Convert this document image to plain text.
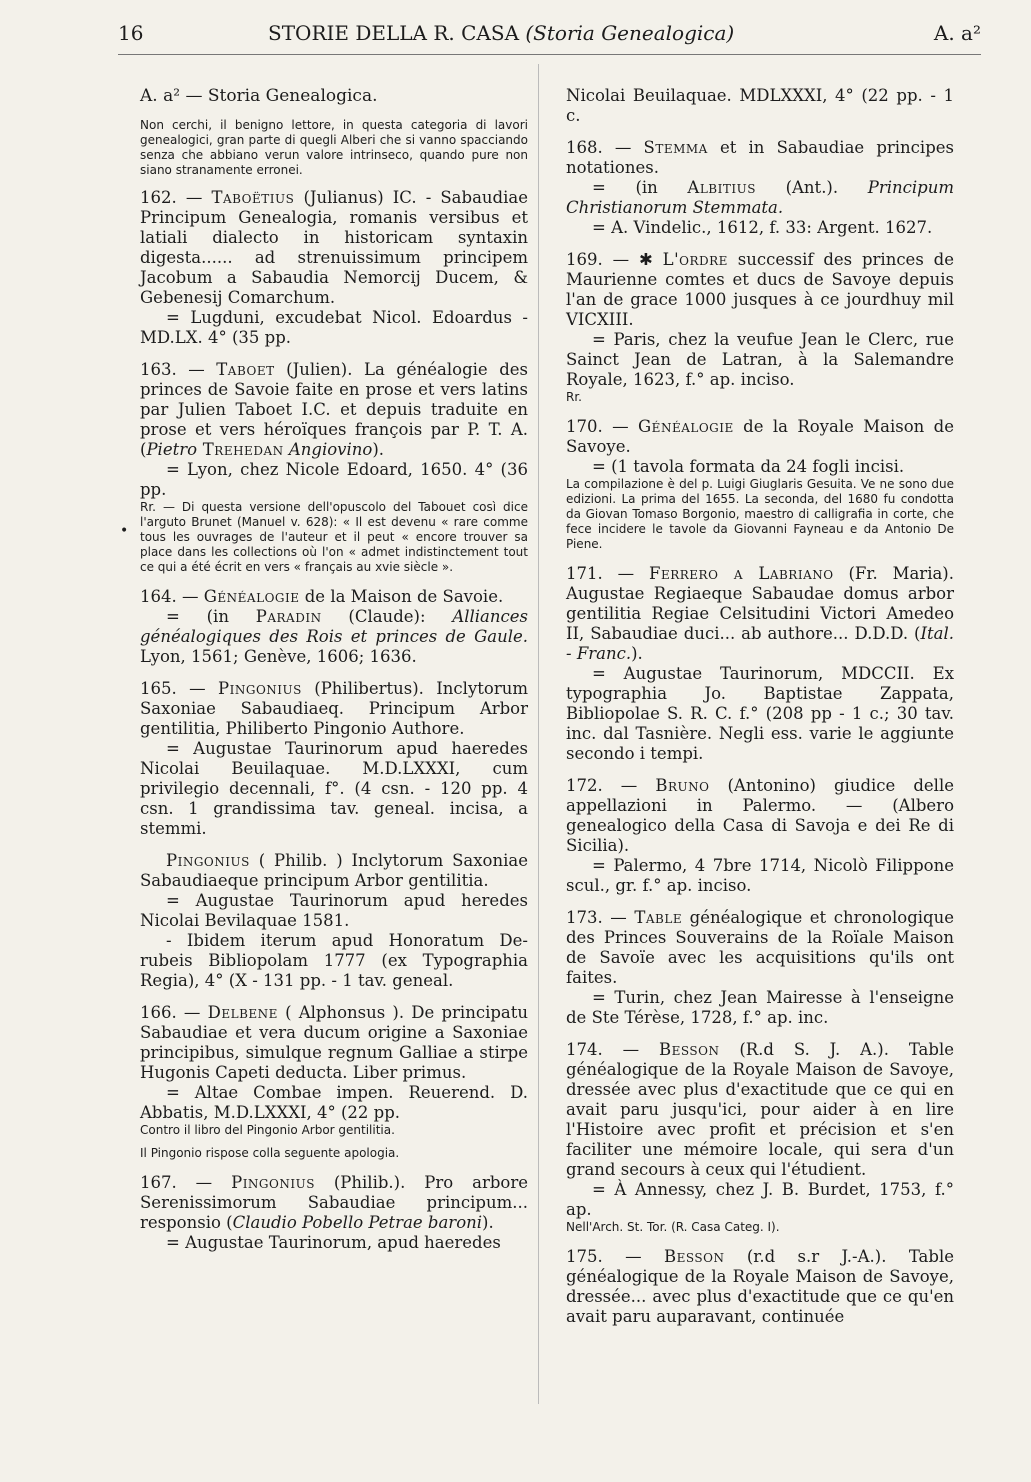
16	STORIE DELLA R. CASA (Storia Genealogica)	A. a²
•

A. a² — Storia Genealogica.

Non cerchi, il benigno lettore, in questa categoria di lavori genealogici, gran parte di quegli Alberi che si vanno spacciando senza che abbiano verun valore intrinseco, quando pure non siano stranamente erronei.

162. — Taboëtius (Julianus) IC. - Sabaudiae Principum Genealogia, romanis versibus et latiali dialecto in historicam syntaxin digesta...... ad strenuissimum principem Jacobum a Sabaudia Nemorcij Ducem, & Gebenesij Comarchum.

= Lugduni, excudebat Nicol. Edoardus - MD.LX. 4° (35 pp.

163. — Taboet (Julien). La généalogie des princes de Savoie faite en prose et vers latins par Julien Taboet I.C. et depuis traduite en prose et vers héroïques françois par P. T. A. (Pietro Trehedan Angiovino).

= Lyon, chez Nicole Edoard, 1650. 4° (36 pp.

Rr. — Di questa versione dell'opuscolo del Tabouet così dice l'arguto Brunet (Manuel v. 628): « Il est devenu « rare comme tous les ouvrages de l'auteur et il peut « encore trouver sa place dans les collections où l'on « admet indistinctement tout ce qui a été écrit en vers « français au xvie siècle ».

164. — Généalogie de la Maison de Savoie.

= (in Paradin (Claude): Alliances généalogiques des Rois et princes de Gaule. Lyon, 1561; Genève, 1606; 1636.

165. — Pingonius (Philibertus). Inclytorum Saxoniae Sabaudiaeq. Principum Arbor gentilitia, Philiberto Pingonio Authore.

= Augustae Taurinorum apud haeredes Nicolai Beuilaquae. M.D.LXXXI, cum privilegio decennali, f°. (4 csn. - 120 pp. 4 csn. 1 grandissima tav. geneal. incisa, a stemmi.

Pingonius ( Philib. ) Inclytorum Saxoniae Sabaudiaeque principum Arbor gentilitia.

= Augustae Taurinorum apud heredes Nicolai Bevilaquae 1581.

- Ibidem iterum apud Honoratum De-rubeis Bibliopolam 1777 (ex Typographia Regia), 4° (X - 131 pp. - 1 tav. geneal.

166. — Delbene ( Alphonsus ). De principatu Sabaudiae et vera ducum origine a Saxoniae principibus, simulque regnum Galliae a stirpe Hugonis Capeti deducta. Liber primus.

= Altae Combae impen. Reuerend. D. Abbatis, M.D.LXXXI, 4° (22 pp.

Contro il libro del Pingonio Arbor gentilitia.

Il Pingonio rispose colla seguente apologia.

167. — Pingonius (Philib.). Pro arbore Serenissimorum Sabaudiae principum... responsio (Claudio Pobello Petrae baroni).

= Augustae Taurinorum, apud haeredes

Nicolai Beuilaquae. MDLXXXI, 4° (22 pp. - 1 c.

168. — Stemma et in Sabaudiae principes notationes.

= (in Albitius (Ant.). Principum Christianorum Stemmata.

= A. Vindelic., 1612, f. 33: Argent. 1627.

169. — ✱ L'ordre successif des princes de Maurienne comtes et ducs de Savoye depuis l'an de grace 1000 jusques à ce jourdhuy mil VICXIII.

= Paris, chez la veufue Jean le Clerc, rue Sainct Jean de Latran, à la Salemandre Royale, 1623, f.° ap. inciso.

Rr.

170. — Généalogie de la Royale Maison de Savoye.

= (1 tavola formata da 24 fogli incisi.

La compilazione è del p. Luigi Giuglaris Gesuita. Ve ne sono due edizioni. La prima del 1655. La seconda, del 1680 fu condotta da Giovan Tomaso Borgonio, maestro di calligrafia in corte, che fece incidere le tavole da Giovanni Fayneau e da Antonio De Piene.

171. — Ferrero a Labriano (Fr. Maria). Augustae Regiaeque Sabaudae domus arbor gentilitia Regiae Celsitudini Victori Amedeo II, Sabaudiae duci... ab authore... D.D.D. (Ital. - Franc.).

= Augustae Taurinorum, MDCCII. Ex typographia Jo. Baptistae Zappata, Bibliopolae S. R. C. f.° (208 pp - 1 c.; 30 tav. inc. dal Tasnière. Negli ess. varie le aggiunte secondo i tempi.

172. — Bruno (Antonino) giudice delle appellazioni in Palermo. — (Albero genealogico della Casa di Savoja e dei Re di Sicilia).

= Palermo, 4 7bre 1714, Nicolò Filippone scul., gr. f.° ap. inciso.

173. — Table généalogique et chronologique des Princes Souverains de la Roïale Maison de Savoïe avec les acquisitions qu'ils ont faites.

= Turin, chez Jean Mairesse à l'enseigne de Ste Térèse, 1728, f.° ap. inc.

174. — Besson (R.d S. J. A.). Table généalogique de la Royale Maison de Savoye, dressée avec plus d'exactitude que ce qui en avait paru jusqu'ici, pour aider à en lire l'Histoire avec profit et précision et s'en faciliter une mémoire locale, qui sera d'un grand secours à ceux qui l'étudient.

= À Annessy, chez J. B. Burdet, 1753, f.° ap.

Nell'Arch. St. Tor. (R. Casa Categ. I).

175. — Besson (r.d s.r J.-A.). Table généalogique de la Royale Maison de Savoye, dressée... avec plus d'exactitude que ce qu'en avait paru auparavant, continuée
